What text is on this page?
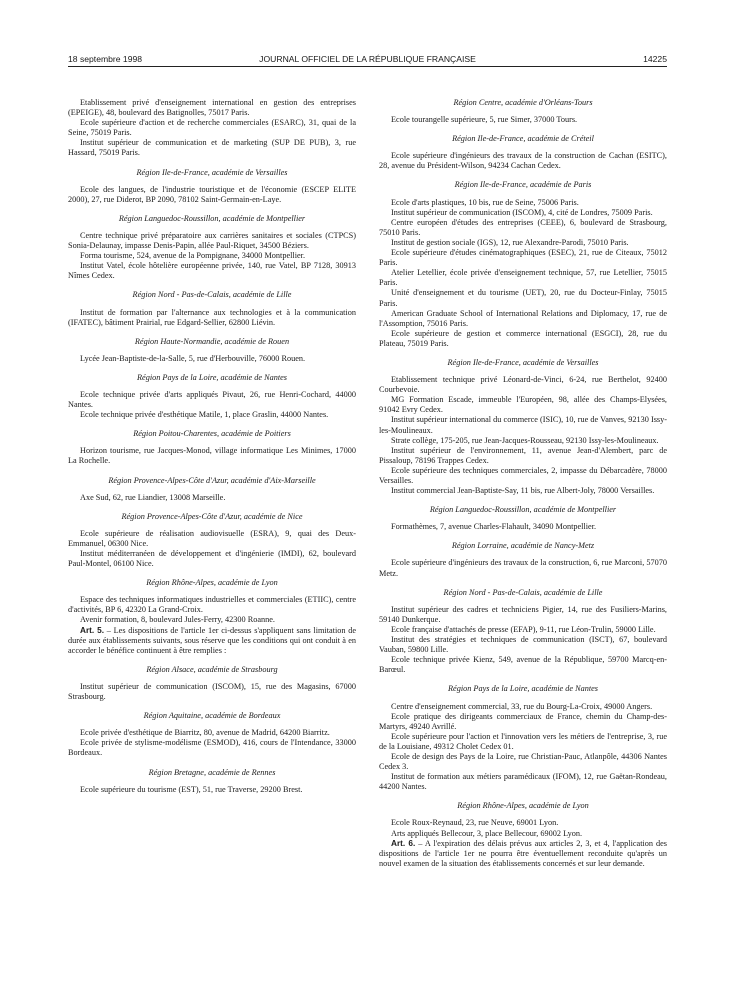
18 septembre 1998	JOURNAL OFFICIEL DE LA RÉPUBLIQUE FRANÇAISE	14225

Etablissement privé d'enseignement international en gestion des entreprises (EPEIGE), 48, boulevard des Batignolles, 75017 Paris.

Ecole supérieure d'action et de recherche commerciales (ESARC), 31, quai de la Seine, 75019 Paris.

Institut supérieur de communication et de marketing (SUP DE PUB), 3, rue Hassard, 75019 Paris.

Région Ile-de-France, académie de Versailles

Ecole des langues, de l'industrie touristique et de l'économie (ESCEP ELITE 2000), 27, rue Diderot, BP 2090, 78102 Saint-Germain-en-Laye.

Région Languedoc-Roussillon, académie de Montpellier

Centre technique privé préparatoire aux carrières sanitaires et sociales (CTPCS) Sonia-Delaunay, impasse Denis-Papin, allée Paul-Riquet, 34500 Béziers.

Forma tourisme, 524, avenue de la Pompignane, 34000 Montpellier.

Institut Vatel, école hôtelière européenne privée, 140, rue Vatel, BP 7128, 30913 Nîmes Cedex.

Région Nord - Pas-de-Calais, académie de Lille

Institut de formation par l'alternance aux technologies et à la communication (IFATEC), bâtiment Prairial, rue Edgard-Sellier, 62800 Liévin.

Région Haute-Normandie, académie de Rouen

Lycée Jean-Baptiste-de-la-Salle, 5, rue d'Herbouville, 76000 Rouen.

Région Pays de la Loire, académie de Nantes

Ecole technique privée d'arts appliqués Pivaut, 26, rue Henri-Cochard, 44000 Nantes.

Ecole technique privée d'esthétique Matile, 1, place Graslin, 44000 Nantes.

Région Poitou-Charentes, académie de Poitiers

Horizon tourisme, rue Jacques-Monod, village informatique Les Minimes, 17000 La Rochelle.

Région Provence-Alpes-Côte d'Azur, académie d'Aix-Marseille

Axe Sud, 62, rue Liandier, 13008 Marseille.

Région Provence-Alpes-Côte d'Azur, académie de Nice

Ecole supérieure de réalisation audiovisuelle (ESRA), 9, quai des Deux-Emmanuel, 06300 Nice.

Institut méditerranéen de développement et d'ingénierie (IMDI), 62, boulevard Paul-Montel, 06100 Nice.

Région Rhône-Alpes, académie de Lyon

Espace des techniques informatiques industrielles et commerciales (ETIIC), centre d'activités, BP 6, 42320 La Grand-Croix.

Avenir formation, 8, boulevard Jules-Ferry, 42300 Roanne.

Art. 5. – Les dispositions de l'article 1er ci-dessus s'appliquent sans limitation de durée aux établissements suivants, sous réserve que les conditions qui ont conduit à en accorder le bénéfice continuent à être remplies :

Région Alsace, académie de Strasbourg

Institut supérieur de communication (ISCOM), 15, rue des Magasins, 67000 Strasbourg.

Région Aquitaine, académie de Bordeaux

Ecole privée d'esthétique de Biarritz, 80, avenue de Madrid, 64200 Biarritz.

Ecole privée de stylisme-modélisme (ESMOD), 416, cours de l'Intendance, 33000 Bordeaux.

Région Bretagne, académie de Rennes

Ecole supérieure du tourisme (EST), 51, rue Traverse, 29200 Brest.

Région Centre, académie d'Orléans-Tours

Ecole tourangelle supérieure, 5, rue Simer, 37000 Tours.

Région Ile-de-France, académie de Créteil

Ecole supérieure d'ingénieurs des travaux de la construction de Cachan (ESITC), 28, avenue du Président-Wilson, 94234 Cachan Cedex.

Région Ile-de-France, académie de Paris

Ecole d'arts plastiques, 10 bis, rue de Seine, 75006 Paris.

Institut supérieur de communication (ISCOM), 4, cité de Londres, 75009 Paris.

Centre européen d'études des entreprises (CEEE), 6, boulevard de Strasbourg, 75010 Paris.

Institut de gestion sociale (IGS), 12, rue Alexandre-Parodi, 75010 Paris.

Ecole supérieure d'études cinématographiques (ESEC), 21, rue de Citeaux, 75012 Paris.

Atelier Letellier, école privée d'enseignement technique, 57, rue Letellier, 75015 Paris.

Unité d'enseignement et du tourisme (UET), 20, rue du Docteur-Finlay, 75015 Paris.

American Graduate School of International Relations and Diplomacy, 17, rue de l'Assomption, 75016 Paris.

Ecole supérieure de gestion et commerce international (ESGCI), 28, rue du Plateau, 75019 Paris.

Région Ile-de-France, académie de Versailles

Etablissement technique privé Léonard-de-Vinci, 6-24, rue Berthelot, 92400 Courbevoie.

MG Formation Escade, immeuble l'Européen, 98, allée des Champs-Elysées, 91042 Evry Cedex.

Institut supérieur international du commerce (ISIC), 10, rue de Vanves, 92130 Issy-les-Moulineaux.

Strate collège, 175-205, rue Jean-Jacques-Rousseau, 92130 Issy-les-Moulineaux.

Institut supérieur de l'environnement, 11, avenue Jean-d'Alembert, parc de Pissaloup, 78196 Trappes Cedex.

Ecole supérieure des techniques commerciales, 2, impasse du Débarcadère, 78000 Versailles.

Institut commercial Jean-Baptiste-Say, 11 bis, rue Albert-Joly, 78000 Versailles.

Région Languedoc-Roussillon, académie de Montpellier

Formathèmes, 7, avenue Charles-Flahault, 34090 Montpellier.

Région Lorraine, académie de Nancy-Metz

Ecole supérieure d'ingénieurs des travaux de la construction, 6, rue Marconi, 57070 Metz.

Région Nord - Pas-de-Calais, académie de Lille

Institut supérieur des cadres et techniciens Pigier, 14, rue des Fusiliers-Marins, 59140 Dunkerque.

Ecole française d'attachés de presse (EFAP), 9-11, rue Léon-Trulin, 59000 Lille.

Institut des stratégies et techniques de communication (ISCT), 67, boulevard Vauban, 59800 Lille.

Ecole technique privée Kienz, 549, avenue de la République, 59700 Marcq-en-Barœul.

Région Pays de la Loire, académie de Nantes

Centre d'enseignement commercial, 33, rue du Bourg-La-Croix, 49000 Angers.

Ecole pratique des dirigeants commerciaux de France, chemin du Champ-des-Martyrs, 49240 Avrillé.

Ecole supérieure pour l'action et l'innovation vers les métiers de l'entreprise, 3, rue de la Louisiane, 49312 Cholet Cedex 01.

Ecole de design des Pays de la Loire, rue Christian-Pauc, Atlanpôle, 44306 Nantes Cedex 3.

Institut de formation aux métiers paramédicaux (IFOM), 12, rue Gaëtan-Rondeau, 44200 Nantes.

Région Rhône-Alpes, académie de Lyon

Ecole Roux-Reynaud, 23, rue Neuve, 69001 Lyon.

Arts appliqués Bellecour, 3, place Bellecour, 69002 Lyon.

Art. 6. – A l'expiration des délais prévus aux articles 2, 3, et 4, l'application des dispositions de l'article 1er ne pourra être éventuellement reconduite qu'après un nouvel examen de la situation des établissements concernés et sur leur demande.
